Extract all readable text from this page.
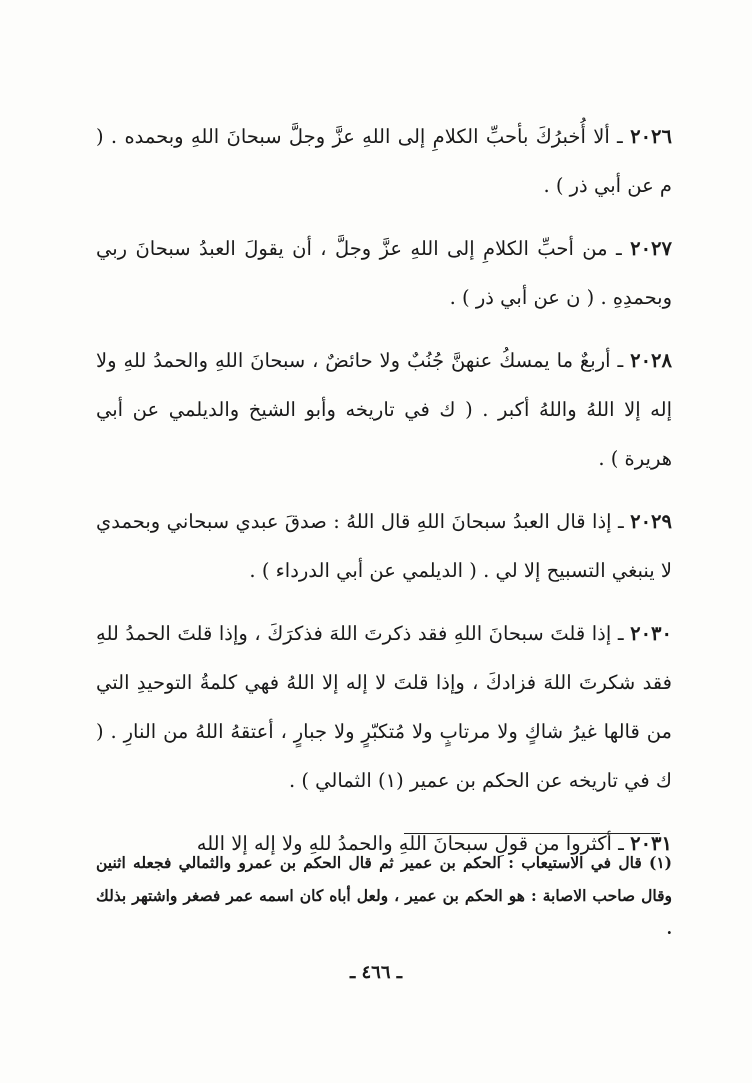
٢٠٢٦ ـ ألا أُخبرُكَ بأحبِّ الكلامِ إلى اللهِ عزَّ وجلَّ سبحانَ اللهِ وبحمده . ( م عن أبي ذر ) .

٢٠٢٧ ـ من أحبِّ الكلامِ إلى اللهِ عزَّ وجلَّ ، أن يقولَ العبدُ سبحانَ ربي وبحمدِهِ . ( ن عن أبي ذر ) .

٢٠٢٨ ـ أربعٌ ما يمسكُ عنهنَّ جُنُبٌ ولا حائضٌ ، سبحانَ اللهِ والحمدُ للهِ ولا إله إلا اللهُ واللهُ أكبر . ( ك في تاريخه وأبو الشيخ والديلمي عن أبي هريرة ) .

٢٠٢٩ ـ إذا قال العبدُ سبحانَ اللهِ قال اللهُ : صدقَ عبدي سبحاني وبحمدي لا ينبغي التسبيح إلا لي . ( الديلمي عن أبي الدرداء ) .

٢٠٣٠ ـ إذا قلتَ سبحانَ اللهِ فقد ذكرتَ اللهَ فذكرَكَ ، وإذا قلتَ الحمدُ للهِ فقد شكرتَ اللهَ فزادكَ ، وإذا قلتَ لا إله إلا اللهُ فهي كلمةُ التوحيدِ التي من قالها غيرُ شاكٍ ولا مرتابٍ ولا مُتكبّرٍ ولا جبارٍ ، أعتقهُ اللهُ من النارِ . ( ك في تاريخه عن الحكم بن عمير (١) الثمالي ) .

٢٠٣١ ـ أكثروا من قولِ سبحانَ اللهِ والحمدُ للهِ ولا إله إلا الله

(١) قال في الاستيعاب : الحكم بن عمير ثم قال الحكم بن عمرو والثمالي فجعله اثنين وقال صاحب الاصابة : هو الحكم بن عمير ، ولعل أباه كان اسمه عمر فصغر واشتهر بذلك .
ـ ٤٦٦ ـ
